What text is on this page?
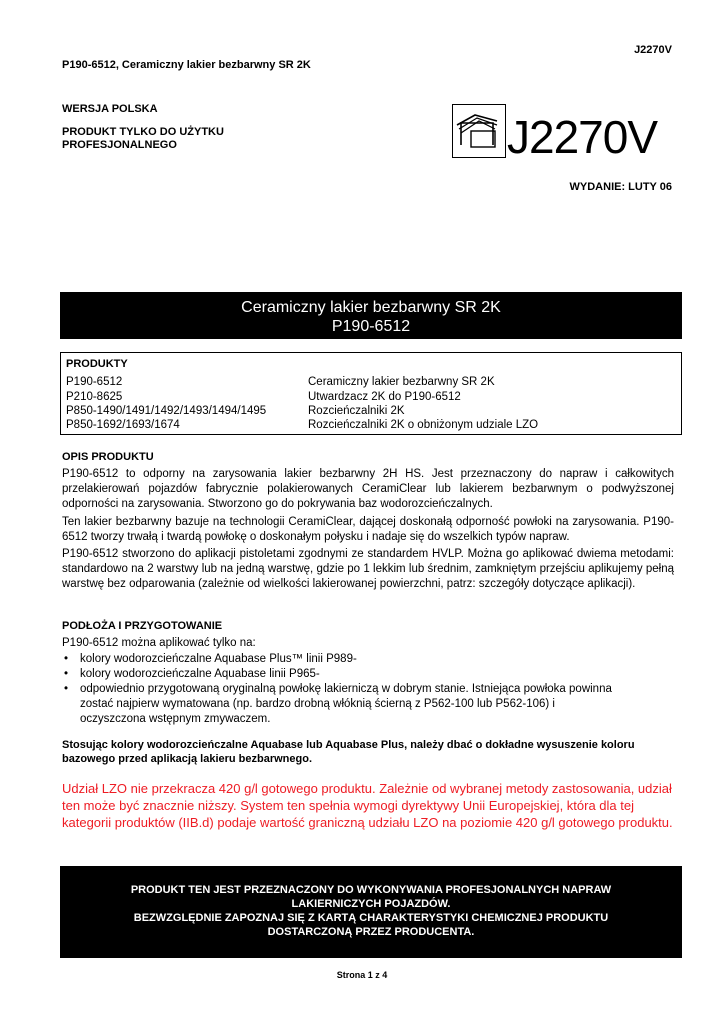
J2270V
P190-6512, Ceramiczny lakier bezbarwny SR 2K
WERSJA POLSKA
PRODUKT TYLKO DO UŻYTKU
PROFESJONALNEGO	J2270V
WYDANIE: LUTY 06
Ceramiczny lakier bezbarwny SR 2K
P190-6512
PRODUKTY
P190-6512	Ceramiczny lakier bezbarwny SR 2K
P210-8625	Utwardzacz 2K do P190-6512
P850-1490/1491/1492/1493/1494/1495	Rozcieńczalniki 2K
P850-1692/1693/1674	Rozcieńczalniki 2K o obniżonym udziale LZO
OPIS PRODUKTU
P190-6512 to odporny na zarysowania lakier bezbarwny 2H HS. Jest przeznaczony do napraw i całkowitych przelakierowań pojazdów fabrycznie polakierowanych CeramiClear lub lakierem bezbarwnym o podwyższonej odporności na zarysowania. Stworzono go do pokrywania baz wodorozcieńczalnych.
Ten lakier bezbarwny bazuje na technologii CeramiClear, dającej doskonałą odporność powłoki na zarysowania. P190-6512 tworzy trwałą i twardą powłokę o doskonałym połysku i nadaje się do wszelkich typów napraw.
P190-6512 stworzono do aplikacji pistoletami zgodnymi ze standardem HVLP. Można go aplikować dwiema metodami: standardowo na 2 warstwy lub na jedną warstwę, gdzie po 1 lekkim lub średnim, zamkniętym przejściu aplikujemy pełną warstwę bez odparowania (zależnie od wielkości lakierowanej powierzchni, patrz: szczegóły dotyczące aplikacji).
PODŁOŻA I PRZYGOTOWANIE
P190-6512 można aplikować tylko na:
• kolory wodorozcieńczalne Aquabase Plus™ linii P989-
• kolory wodorozcieńczalne Aquabase linii P965-
• odpowiednio przygotowaną oryginalną powłokę lakierniczą w dobrym stanie. Istniejąca powłoka powinna zostać najpierw wymatowana (np. bardzo drobną włóknią ścierną z P562-100 lub P562-106) i oczyszczona wstępnym zmywaczem.
Stosując kolory wodorozcieńczalne Aquabase lub Aquabase Plus, należy dbać o dokładne wysuszenie koloru bazowego przed aplikacją lakieru bezbarwnego.
Udział LZO nie przekracza 420 g/l gotowego produktu. Zależnie od wybranej metody zastosowania, udział ten może być znacznie niższy. System ten spełnia wymogi dyrektywy Unii Europejskiej, która dla tej kategorii produktów (IIB.d) podaje wartość graniczną udziału LZO na poziomie 420 g/l gotowego produktu.
PRODUKT TEN JEST PRZEZNACZONY DO WYKONYWANIA PROFESJONALNYCH NAPRAW
LAKIERNICZYCH POJAZDÓW.
BEZWZGLĘDNIE ZAPOZNAJ SIĘ Z KARTĄ CHARAKTERYSTYKI CHEMICZNEJ PRODUKTU
DOSTARCZONĄ PRZEZ PRODUCENTA.
Strona 1 z 4
